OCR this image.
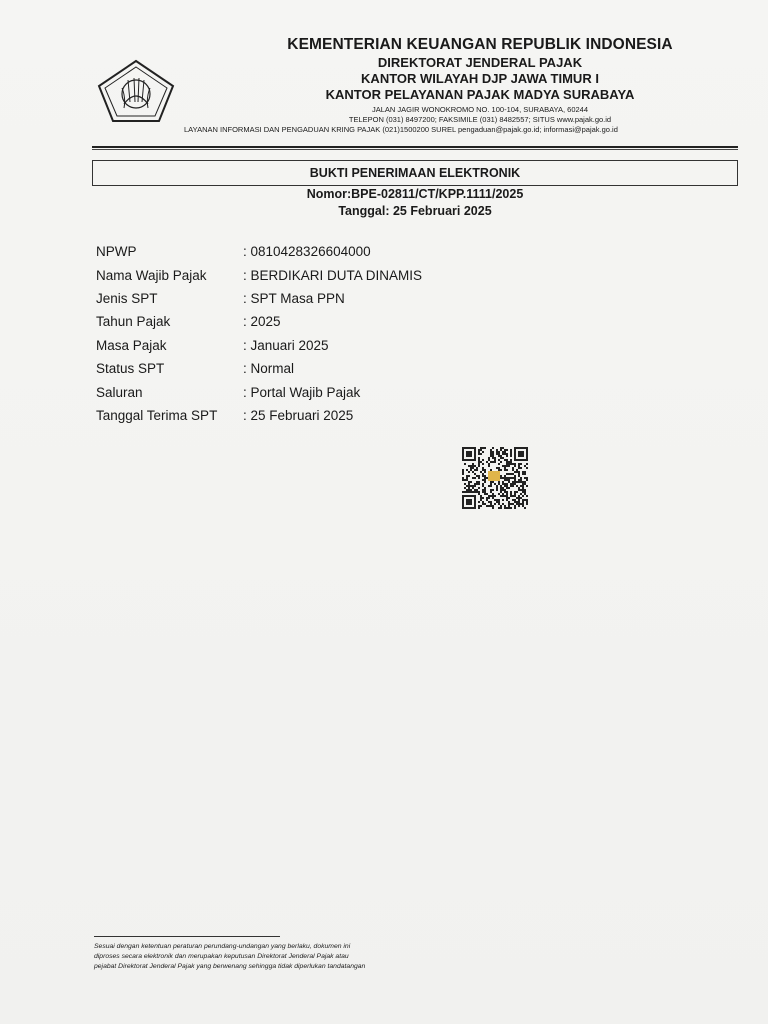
KEMENTERIAN KEUANGAN REPUBLIK INDONESIA
DIREKTORAT JENDERAL PAJAK
KANTOR WILAYAH DJP JAWA TIMUR I
KANTOR PELAYANAN PAJAK MADYA SURABAYA
JALAN JAGIR WONOKROMO NO. 100-104, SURABAYA, 60244
TELEPON (031) 8497200; FAKSIMILE (031) 8482557; SITUS www.pajak.go.id
LAYANAN INFORMASI DAN PENGADUAN KRING PAJAK (021)1500200 SUREL pengaduan@pajak.go.id; informasi@pajak.go.id
BUKTI PENERIMAAN ELEKTRONIK
Nomor:BPE-02811/CT/KPP.1111/2025
Tanggal: 25 Februari 2025
NPWP	: 0810428326604000
Nama Wajib Pajak	: BERDIKARI DUTA DINAMIS
Jenis SPT	: SPT Masa PPN
Tahun Pajak	: 2025
Masa Pajak	: Januari 2025
Status SPT	: Normal
Saluran	: Portal Wajib Pajak
Tanggal Terima SPT	: 25 Februari 2025
Sesuai dengan ketentuan peraturan perundang-undangan yang berlaku, dokumen ini
diproses secara elektronik dan merupakan keputusan Direktorat Jenderal Pajak atau
pejabat Direktorat Jenderal Pajak yang berwenang sehingga tidak diperlukan tandatangan
